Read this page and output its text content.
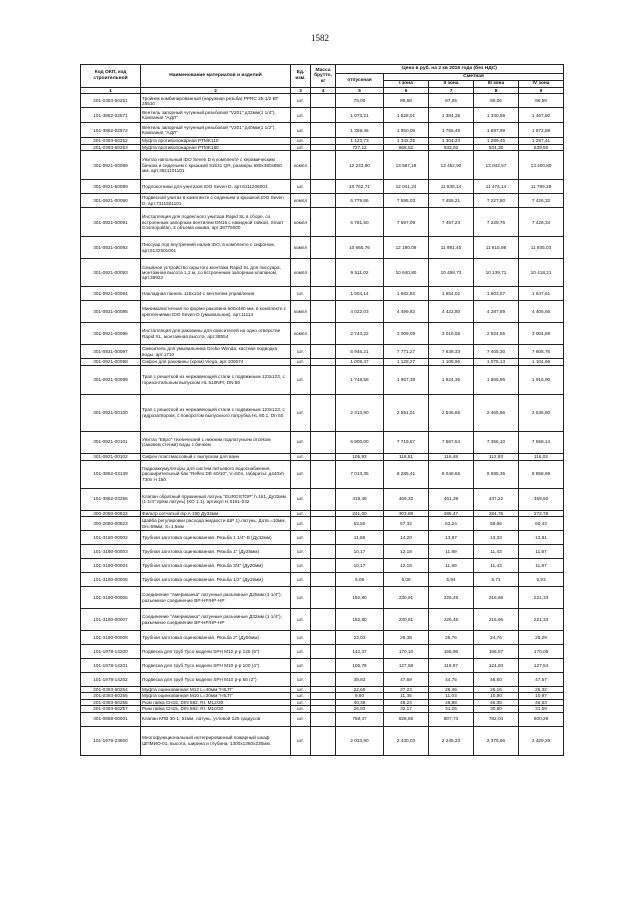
1582
Код ОКП, код строительной	Наименование материалов и изделий	Ед. изм.	Масса брутто, кг	Цена в руб. на 2 кв 2015 года (без НДС)				
				отпускная	Сметная			
					I зона	II зона	III зона	IV зона
1	2	3	4	5	6	7	8	9
201-0393-60251	Тройник комбинированный (наружная резьба) PPRC 25-1/2 ВТ 25510	шт.		75,00	89,58	87,05	86,06	86,59
101-3862-02571	Вентиль запорный чугунный резьбовой "V201" д32мм(1 1/4"). Компания "АДЛ"	шт.		1 073,21	1 528,01	1 384,26	1 330,59	1 467,50
101-3862-02572	Вентиль запорный чугунный резьбовой "V201" д40мм(1 1/2"). Компания "АДЛ"	шт.		1 369,46	1 950,06	1 766,49	1 697,99	1 872,59
201-0393-60252	Муфта противопожарная PTMK110	шт.		1 123,73	1 342,25	1 304,24	1 289,45	1 297,41
201-0393-60253	Муфта противопожарная PTMK160	шт.		727,12	868,52	843,92	834,35	839,50
301-0921-00089	Унитаз напольный IDO Seven D в комплекте с керамическим бачком и сиденьем с крышкой 91531 QR, размеры 680х380х850 мм, арт.3621101101	компл		12 233,90	13 587,19	13 452,92	13 042,57	13 400,80
301-0921-60089	Подлокотники для унитазов IDO Seven D, арт.6111206001	шт.		10 762,71	12 041,24	11 835,14	11 474,14	11 789,29
301-0921-00090	Подвесной унитаз в комплекте с сиденьем и крышкой IDO Seven D, арт.7311501101	компл		6 779,66	7 595,03	7 455,21	7 227,80	7 426,32
301-0921-00091	Инсталляция для подвесного унитаза Rapid SL в сборе, со встроенным запорным вентилем DN15 с накидной гайкой, Smart Cosmopolitan, 2 объема смыва, арт.38775000	компл		6 781,50	7 597,09	7 457,23	7 229,76	7 428,34
301-0921-00092	Писсуар под внутренний налив IDO, в комплекте с сифоном, арт.5132501001	компл		10 665,76	12 190,09	11 981,45	11 615,98	11 935,03
301-0921-00093	Смывное устройство скрытого монтажа Rapid SL для писсуара, монтажная высота 1,2 м, со встроенным запорным клапаном, арт.38922	компл		9 511,02	10 640,80	10 458,73	10 139,71	10 418,21
301-0921-00094	Накладная панель 115х144 с вентилем управления	шт.		1 504,14	1 682,82	1 654,02	1 603,57	1 647,61
301-0921-00095	Минималистичная по форме раковина 600х460 мм, в комплекте с креплениями IDO Seven D (умывальник), арт.11114	компл		4 022,03	4 499,82	4 422,80	4 287,89	4 405,66
301-0921-00096	Инсталляция для раковины для смесителей на одно отверстие Rapid SL, монтажная высота, арт.38554	компл		2 743,22	3 009,09	3 016,56	2 924,55	3 004,89
301-0921-00097	Смеситель для умывальника Grohe Wenda, кастная подводка воды, арт.1710	шт.		6 946,21	7 771,27	7 638,33	7 405,30	7 608,76
301-0921-00098	Сифон для раковины (хром) Viega, арт.100674	шт.		1 008,47	1 128,27	1 108,96	1 075,13	1 104,66
301-0921-00099	Трап с решеткой из нержавеющей стали с подвижным 123х123, с горизонтальным выпуском HL 510NPr, DN 50	шт.		1 749,58	1 957,38	1 924,35	1 865,66	1 916,90
301-0921-00100	Трап с решеткой из нержавеющей стали с подвижным 123х123, с гидрозатвором, с поворотом выпускного патрубка HL 80.1, Dn 50	шт.		2 313,90	2 591,01	2 546,65	2 465,96	2 536,60
301-0921-00101	Унитаз "Евро" технический с нижним подлатуньем отсеком (смывом стенки) воды с бачком	шт.		6 900,00	7 719,67	7 587,54	7 356,10	7 558,14
301-0921-00102	Сифон пластмассовый с выпуском для ванн	шт.		105,93	118,51	116,48	112,93	116,02
101-3862-03139	Гидроаккумуляторы для систем питьевого водоснабжения, расширительный бак "Reflex DE 60/10", V=60л, габариты: д440хh 730х H 150	шт.		7 013,35	8 285,41	8 046,65	8 695,35	8 858,69
101-3862-03256	Клапан обратный пружинный латунь "EUROSTOP" h.161, Ду32мм (1 1/4" прям латунь) (КО 1.1), артикул H.0161-032	шт.		419,49	469,32	461,29	447,22	459,50
300-2050-00822	Фильтр сетчатый Isp A 190 Ду32мм	шт.		241,00	303,89	285,47	284,76	272,78
300-2050-00823	Шайба регулировки расхода жидкости ШР 1).латунь, Дотв.=10мм, Dн=59мм, S=1,5мм	шт.		53,50	67,32	63,24	58,66	60,43
101-3190-00002	Трубная заготовка оцинкованная. Резьба 1 1/4"-В (Ду32мм)	шт.		11,86	14,20	13,87	13,33	13,81
101-3190-00003	Трубная заготовка оцинкованная. Резьба 1" (Ду25мм)	шт.		10,17	12,18	11,89	11,43	11,87
101-3190-00004	Трубная заготовка оцинкованная. Резьба 3/4" (Ду20мм)	шт.		10,17	12,18	11,89	11,43	11,87
101-3190-00005	Трубная заготовка оцинкованная. Резьба 1/2" (Ду15мм)	шт.		5,08	6,08	5,94	5,71	5,93
101-3190-00006	Соединение "Американка" латунные разъемные Д25мм (1 1/4"), разъемное соединение ВР-НР/НР-НР	шт.		192,80	230,91	225,45	216,66	221,33
101-3190-00007	Соединение "Американка" латунные разъемные Д32мм (1 1/4"), разъемное соединение ВР-НР/НР-НР	шт.		192,80	230,91	225,45	216,66	221,33
101-3190-00008	Трубная заготовка оцинкованная. Резьба 2" (Ду50мм)	шт.		22,03	26,38	25,76	24,76	25,29
101-1978-14200	Подвеска для труб Tyco модели SPH M12 р-р 125 (5")	шт.		142,37	170,10	165,96	156,57	170,05
101-1978-14201	Подвеска для труб Tyco модели SPH M10 р-р 100 (4")	шт.		106,78	127,58	119,97	124,93	127,54
101-1978-14202	Подвеска для труб Tyco модели SPH M10 р-р 50 (2")	шт.		39,83	47,59	44,75	46,60	47,57
201-0393-60254	Муфта оцинкованная M12 L=40мм "HILTI"	шт.		22,60	27,23	26,46	26,16	26,32
201-0393-60255	Муфта оцинкованная M10 L=30мм "HILTI"	шт.		9,50	11,35	11,03	10,90	10,97
201-0393-60256	Рым гайка СН15, DIN 582. RI. M12/30	шт.		40,39	48,24	46,88	46,35	46,63
201-0393-60257	Рым гайка СН15, DIN 582. RI. M10/30	шт.		26,93	32,17	31,26	30,90	31,09
301-0868-00001	Клапан КПВ 30-1, 51мм, латунь, угловой 125 градусов	шт.		758,47	828,65	807,73	782,04	800,28
101-1978-23600	Многофункциональный интегрированный пожарный шкаф ШПМИО-01, высота, ширина и глубина, 1300х1360х230мм.	шт.		2 033,90	2 430,03	2 245,23	2 375,66	2 429,29
